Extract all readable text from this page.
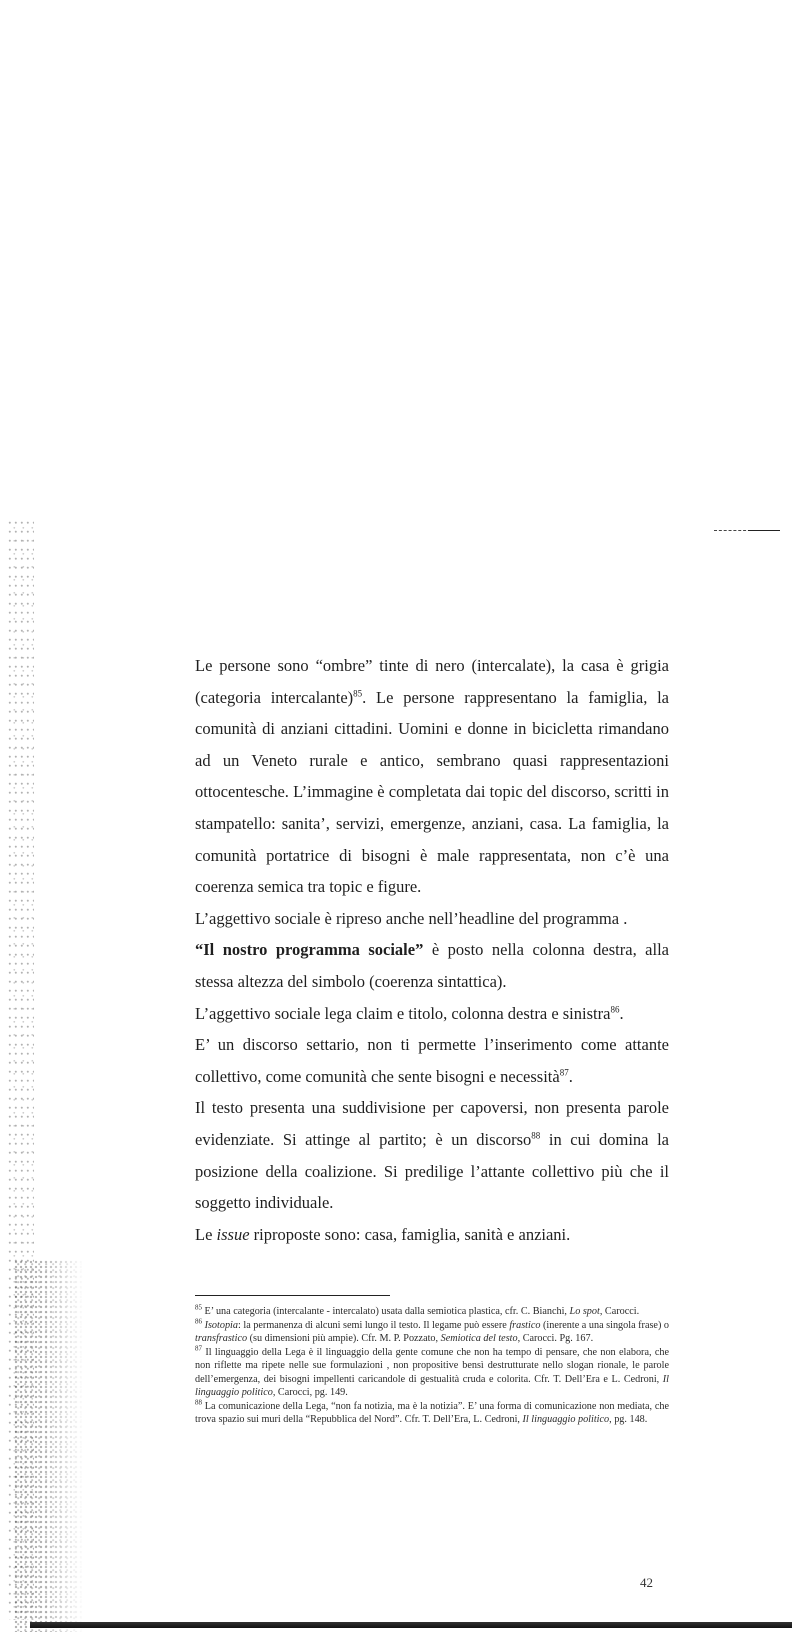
Le persone sono “ombre” tinte di nero (intercalate), la casa è grigia (categoria intercalante)$^{85}$. Le persone rappresentano la famiglia, la comunità di anziani cittadini. Uomini e donne in bicicletta rimandano ad un Veneto rurale e antico, sembrano quasi rappresentazioni ottocentesche. L’immagine è completata dai topic del discorso, scritti in stampatello: sanita’, servizi, emergenze, anziani, casa. La famiglia, la comunità portatrice di bisogni è male rappresentata, non c’è una coerenza semica tra topic e figure.

L’aggettivo sociale è ripreso anche nell’headline del programma .

“Il nostro programma sociale” è posto nella colonna destra, alla stessa altezza del simbolo (coerenza sintattica).

L’aggettivo sociale lega claim e titolo, colonna destra e sinistra$^{86}$.

E’ un discorso settario, non ti permette l’inserimento come attante collettivo, come comunità che sente bisogni e necessità$^{87}$.

Il testo presenta una suddivisione per capoversi, non presenta parole evidenziate. Si attinge al partito; è un discorso$^{88}$ in cui domina la posizione della coalizione. Si predilige l’attante collettivo più che il soggetto individuale.

Le issue riproposte sono: casa, famiglia, sanità e anziani.

$^{85}$ E’ una categoria (intercalante - intercalato) usata dalla semiotica plastica, cfr. C. Bianchi, Lo spot, Carocci.

$^{86}$ Isotopia: la permanenza di alcuni semi lungo il testo. Il legame può essere frastico (inerente a una singola frase) o transfrastico (su dimensioni più ampie). Cfr. M. P. Pozzato, Semiotica del testo, Carocci. Pg. 167.

$^{87}$ Il linguaggio della Lega è il linguaggio della gente comune che non ha tempo di pensare, che non elabora, che non riflette ma ripete nelle sue formulazioni , non propositive bensì destrutturate nello slogan rionale, le parole dell’emergenza, dei bisogni impellenti caricandole di gestualità cruda e colorita. Cfr. T. Dell’Era e L. Cedroni, Il linguaggio politico, Carocci, pg. 149.

$^{88}$ La comunicazione della Lega, “non fa notizia, ma è la notizia”. E’ una forma di comunicazione non mediata, che trova spazio sui muri della “Repubblica del Nord”. Cfr. T. Dell’Era, L. Cedroni, Il linguaggio politico, pg. 148.

42
